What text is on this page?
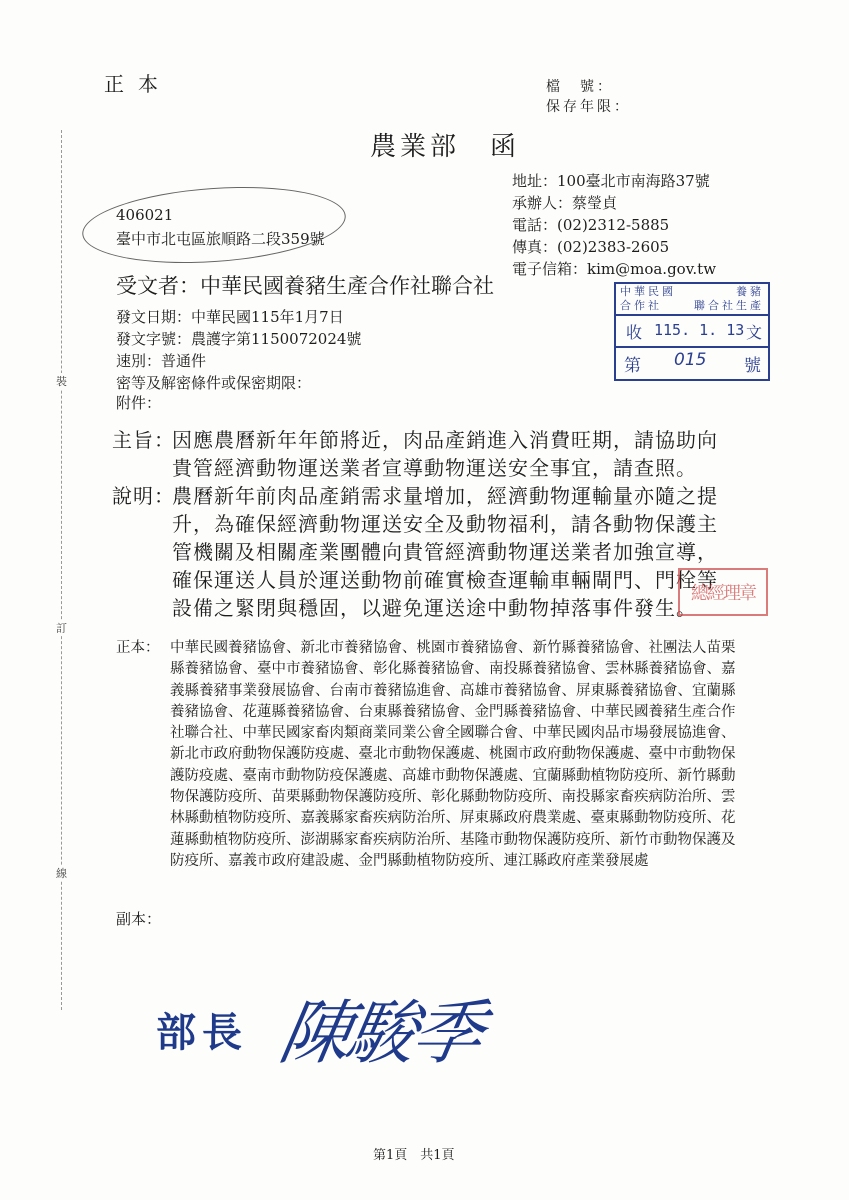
正本	檔　號：
保存年限：
農業部 函
地址：100臺北市南海路37號
承辦人：蔡瑩貞
電話：(02)2312-5885
傳真：(02)2383-2605
電子信箱：kim@moa.gov.tw
406021
臺中市北屯區旅順路二段359號
受文者：中華民國養豬生產合作社聯合社
發文日期：中華民國115年1月7日
發文字號：農護字第1150072024號
速別：普通件
密等及解密條件或保密期限：
附件：
中華民國
合作社	聯合社
養豬
生產
收 115. 1. 13 文
第 015 號
主旨：
因應農曆新年年節將近，肉品產銷進入消費旺期，請協助向
貴管經濟動物運送業者宣導動物運送安全事宜，請查照。
說明：
農曆新年前肉品產銷需求量增加，經濟動物運輸量亦隨之提
升，為確保經濟動物運送安全及動物福利，請各動物保護主
管機關及相關產業團體向貴管經濟動物運送業者加強宣導，
確保運送人員於運送動物前確實檢查運輸車輛閘門、門栓等
設備之緊閉與穩固，以避免運送途中動物掉落事件發生。
總經理章
正本： 中華民國養豬協會、新北市養豬協會、桃園市養豬協會、新竹縣養豬協會、社團法人苗栗縣養豬協會、臺中市養豬協會、彰化縣養豬協會、南投縣養豬協會、雲林縣養豬協會、嘉義縣養豬事業發展協會、台南市養豬協進會、高雄市養豬協會、屏東縣養豬協會、宜蘭縣養豬協會、花蓮縣養豬協會、台東縣養豬協會、金門縣養豬協會、中華民國養豬生產合作社聯合社、中華民國家畜肉類商業同業公會全國聯合會、中華民國肉品市場發展協進會、新北市政府動物保護防疫處、臺北市動物保護處、桃園市政府動物保護處、臺中市動物保護防疫處、臺南市動物防疫保護處、高雄市動物保護處、宜蘭縣動植物防疫所、新竹縣動物保護防疫所、苗栗縣動物保護防疫所、彰化縣動物防疫所、南投縣家畜疾病防治所、雲林縣動植物防疫所、嘉義縣家畜疾病防治所、屏東縣政府農業處、臺東縣動物防疫所、花蓮縣動植物防疫所、澎湖縣家畜疾病防治所、基隆市動物保護防疫所、新竹市動物保護及防疫所、嘉義市政府建設處、金門縣動植物防疫所、連江縣政府產業發展處
副本：
部長 陳駿季
第1頁　共1頁
裝
訂
線
